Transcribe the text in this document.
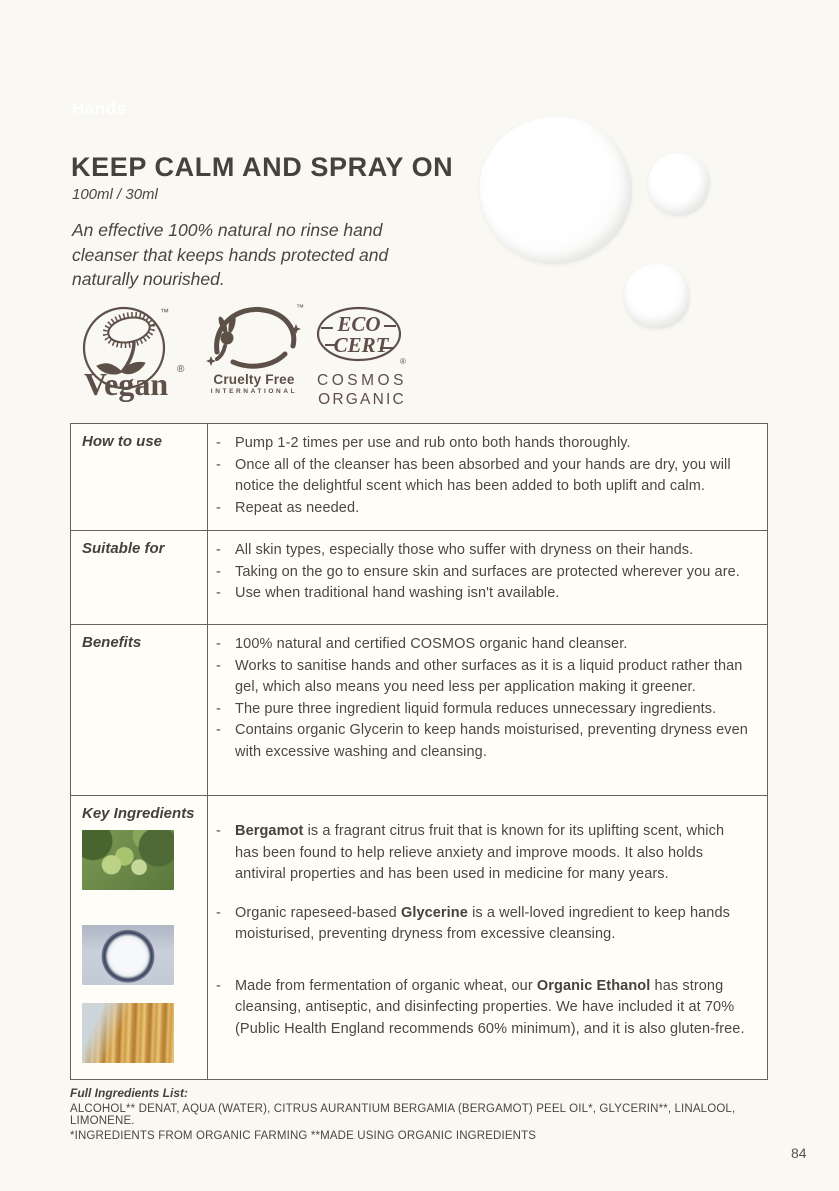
Hands
KEEP CALM AND SPRAY ON
100ml / 30ml

An effective 100% natural no rinse hand cleanser that keeps hands protected and naturally nourished.

™
Vegan ®
™
Cruelty Free
INTERNATIONAL
ECO
CERT
®
COSMOS
ORGANIC
How to use	- Pump 1-2 times per use and rub onto both hands thoroughly.
- Once all of the cleanser has been absorbed and your hands are dry, you will notice the delightful scent which has been added to both uplift and calm.
- Repeat as needed.
Suitable for	- All skin types, especially those who suffer with dryness on their hands.
- Taking on the go to ensure skin and surfaces are protected wherever you are.
- Use when traditional hand washing isn't available.
Benefits	- 100% natural and certified COSMOS organic hand cleanser.
- Works to sanitise hands and other surfaces as it is a liquid product rather than gel, which also means you need less per application making it greener.
- The pure three ingredient liquid formula reduces unnecessary ingredients.
- Contains organic Glycerin to keep hands moisturised, preventing dryness even with excessive washing and cleansing.
Key Ingredients
- Bergamot is a fragrant citrus fruit that is known for its uplifting scent, which has been found to help relieve anxiety and improve moods. It also holds antiviral properties and has been used in medicine for many years.
- Organic rapeseed-based Glycerine is a well-loved ingredient to keep hands moisturised, preventing dryness from excessive cleansing.
- Made from fermentation of organic wheat, our Organic Ethanol has strong cleansing, antiseptic, and disinfecting properties. We have included it at 70% (Public Health England recommends 60% minimum), and it is also gluten-free.
Full Ingredients List:
ALCOHOL** DENAT, AQUA (WATER), CITRUS AURANTIUM BERGAMIA (BERGAMOT) PEEL OIL*, GLYCERIN**, LINALOOL, LIMONENE.
*INGREDIENTS FROM ORGANIC FARMING **MADE USING ORGANIC INGREDIENTS
84
